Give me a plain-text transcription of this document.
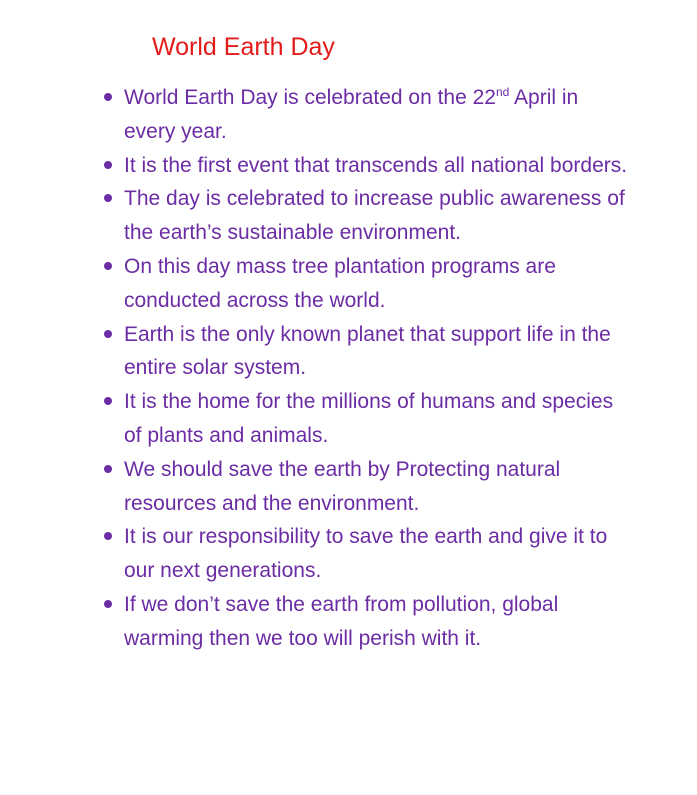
World Earth Day
World Earth Day is celebrated on the 22nd April in every year.
It is the first event that transcends all national borders.
The day is celebrated to increase public awareness of the earth’s sustainable environment.
On this day mass tree plantation programs are conducted across the world.
Earth is the only known planet that support life in the entire solar system.
It is the home for the millions of humans and species of plants and animals.
We should save the earth by Protecting natural resources and the environment.
It is our responsibility to save the earth and give it to our next generations.
If we don’t save the earth from pollution, global warming then we too will perish with it.
